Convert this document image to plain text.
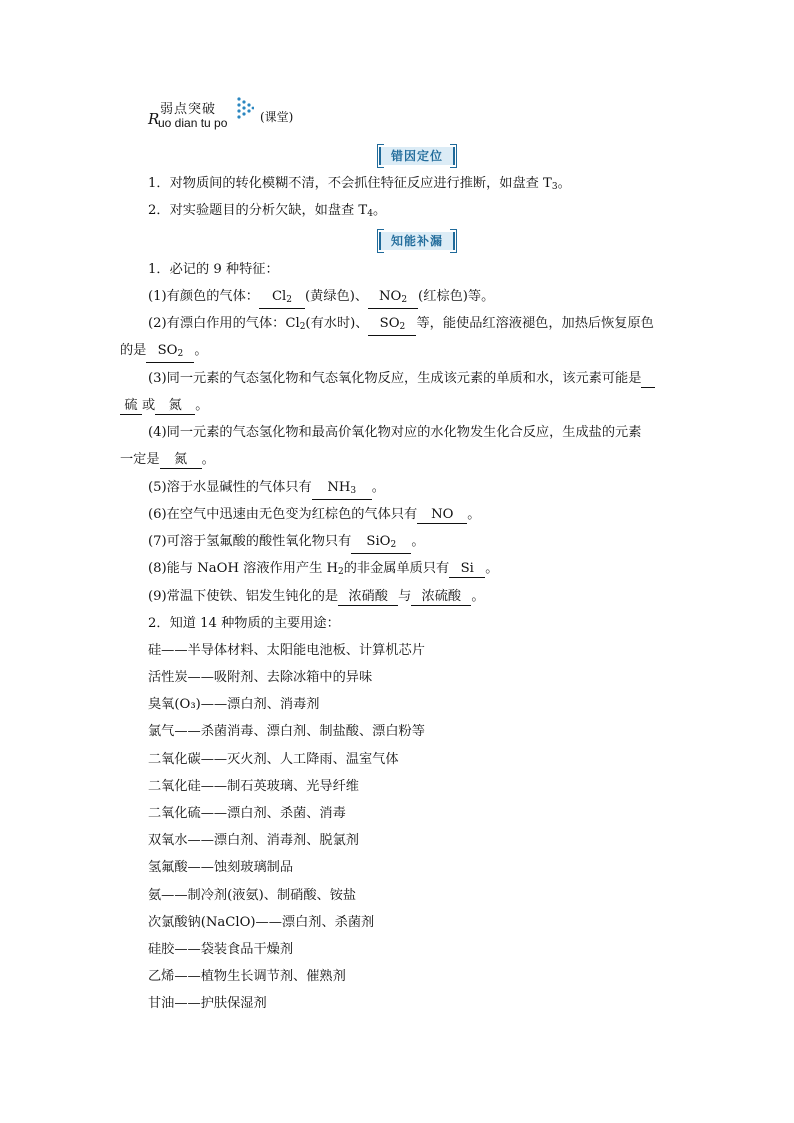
R
弱点突破
uo dian tu po	(课堂)
错因定位
1．对物质间的转化模糊不清，不会抓住特征反应进行推断，如盘查 $T_3$。
2．对实验题目的分析欠缺，如盘查 $T_4$。
知能补漏
1．必记的 9 种特征：
(1)有颜色的气体： $Cl_2$ (黄绿色)、 $NO_2$ (红棕色)等。
(2)有漂白作用的气体：$Cl_2$(有水时)、 $SO_2$ 等，能使品红溶液褪色，加热后恢复原色
的是 $SO_2$ 。
(3)同一元素的气态氢化物和气态氧化物反应，生成该元素的单质和水，该元素可能是
硫 或 氮 。
(4)同一元素的气态氢化物和最高价氧化物对应的水化物发生化合反应，生成盐的元素
一定是 氮 。
(5)溶于水显碱性的气体只有 $NH_3$ 。
(6)在空气中迅速由无色变为红棕色的气体只有 NO 。
(7)可溶于氢氟酸的酸性氧化物只有 SiO$_2$ 。
(8)能与 NaOH 溶液作用产生 $H_2$的非金属单质只有 Si 。
(9)常温下使铁、铝发生钝化的是 浓硝酸 与 浓硫酸 。
2．知道 14 种物质的主要用途：
硅——半导体材料、太阳能电池板、计算机芯片
活性炭——吸附剂、去除冰箱中的异味
臭氧(O₃)——漂白剂、消毒剂
氯气——杀菌消毒、漂白剂、制盐酸、漂白粉等
二氧化碳——灭火剂、人工降雨、温室气体
二氧化硅——制石英玻璃、光导纤维
二氧化硫——漂白剂、杀菌、消毒
双氧水——漂白剂、消毒剂、脱氯剂
氢氟酸——蚀刻玻璃制品
氨——制冷剂(液氨)、制硝酸、铵盐
次氯酸钠(NaClO)——漂白剂、杀菌剂
硅胶——袋装食品干燥剂
乙烯——植物生长调节剂、催熟剂
甘油——护肤保湿剂
